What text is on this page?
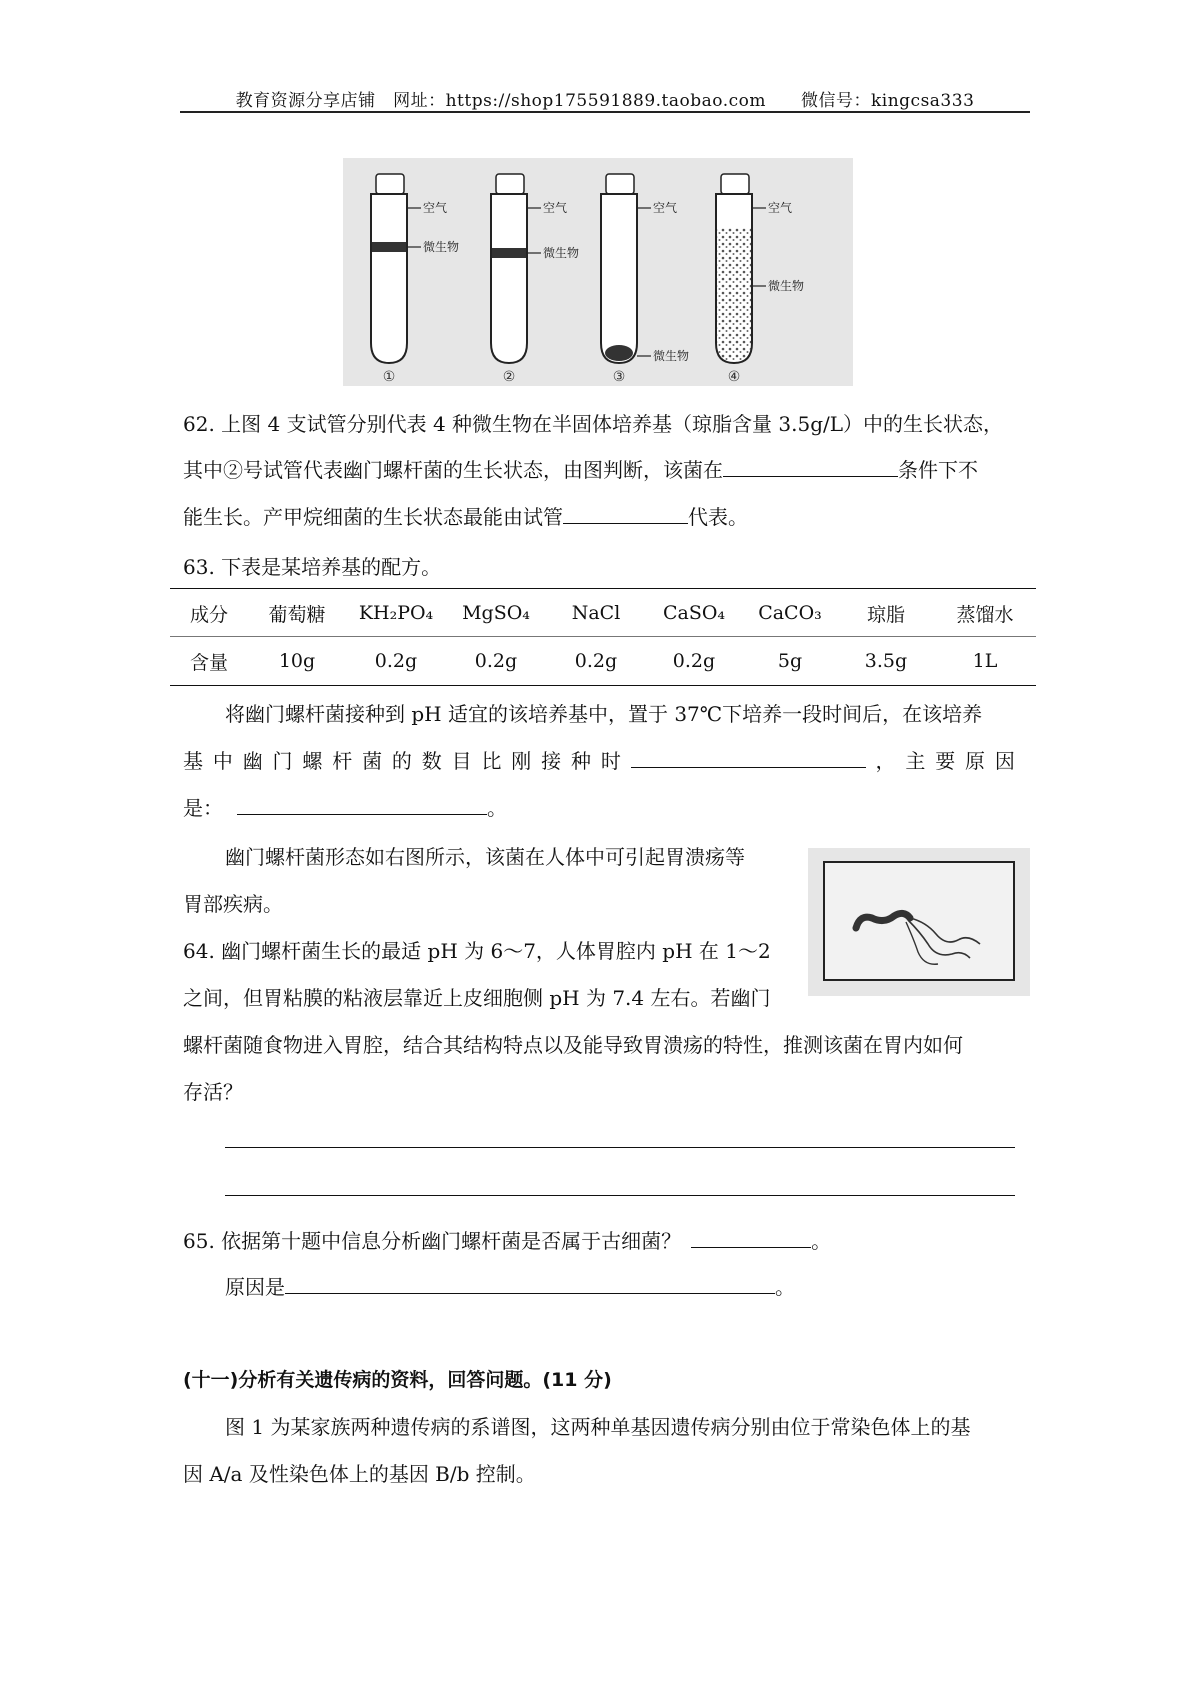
教育资源分享店铺　网址：https://shop175591889.taobao.com　　微信号：kingcsa333
空气
微生物
空气
微生物
空气
微生物
空气
微生物
①	②	③	④
62. 上图 4 支试管分别代表 4 种微生物在半固体培养基（琼脂含量 3.5g/L）中的生长状态，
其中②号试管代表幽门螺杆菌的生长状态，由图判断，该菌在	条件下不
能生长。产甲烷细菌的生长状态最能由试管	代表。
63. 下表是某培养基的配方。
成分	葡萄糖	KH₂PO₄	MgSO₄	NaCl	CaSO₄	CaCO₃	琼脂	蒸馏水
含量	10g	0.2g	0.2g	0.2g	0.2g	5g	3.5g	1L
将幽门螺杆菌接种到 pH 适宜的该培养基中，置于 37℃下培养一段时间后，在该培养
基 中 幽 门 螺 杆 菌 的 数 目 比 刚 接 种 时	， 主 要 原 因
是：	。
幽门螺杆菌形态如右图所示，该菌在人体中可引起胃溃疡等
胃部疾病。
64. 幽门螺杆菌生长的最适 pH 为 6～7，人体胃腔内 pH 在 1～2
之间，但胃粘膜的粘液层靠近上皮细胞侧 pH 为 7.4 左右。若幽门
螺杆菌随食物进入胃腔，结合其结构特点以及能导致胃溃疡的特性，推测该菌在胃内如何
存活？
65. 依据第十题中信息分析幽门螺杆菌是否属于古细菌？	。
原因是	。
(十一)分析有关遗传病的资料，回答问题。(11 分)
图 1 为某家族两种遗传病的系谱图，这两种单基因遗传病分别由位于常染色体上的基
因 A/a 及性染色体上的基因 B/b 控制。
